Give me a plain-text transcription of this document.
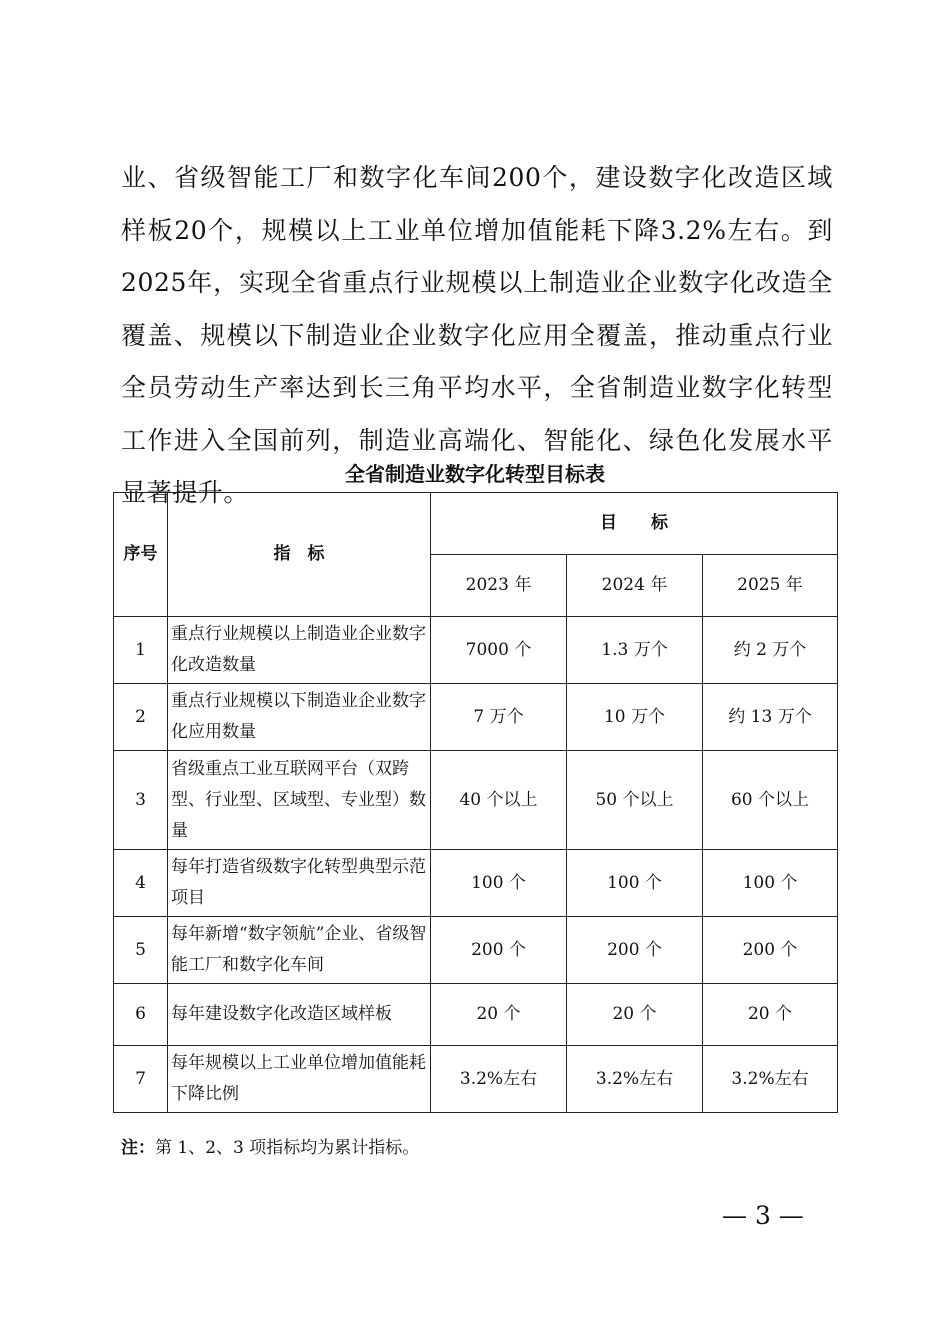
业、省级智能工厂和数字化车间200个，建设数字化改造区域样板20个，规模以上工业单位增加值能耗下降3.2%左右。到2025年，实现全省重点行业规模以上制造业企业数字化改造全覆盖、规模以下制造业企业数字化应用全覆盖，推动重点行业全员劳动生产率达到长三角平均水平，全省制造业数字化转型工作进入全国前列，制造业高端化、智能化、绿色化发展水平显著提升。

全省制造业数字化转型目标表

序号	指　标	目　　标		
		2023 年	2024 年	2025 年
1	重点行业规模以上制造业企业数字化改造数量	7000 个	1.3 万个	约 2 万个
2	重点行业规模以下制造业企业数字化应用数量	7 万个	10 万个	约 13 万个
3	省级重点工业互联网平台（双跨型、行业型、区域型、专业型）数量	40 个以上	50 个以上	60 个以上
4	每年打造省级数字化转型典型示范项目	100 个	100 个	100 个
5	每年新增“数字领航”企业、省级智能工厂和数字化车间	200 个	200 个	200 个
6	每年建设数字化改造区域样板	20 个	20 个	20 个
7	每年规模以上工业单位增加值能耗下降比例	3.2%左右	3.2%左右	3.2%左右

注：第 1、2、3 项指标均为累计指标。

— 3 —
